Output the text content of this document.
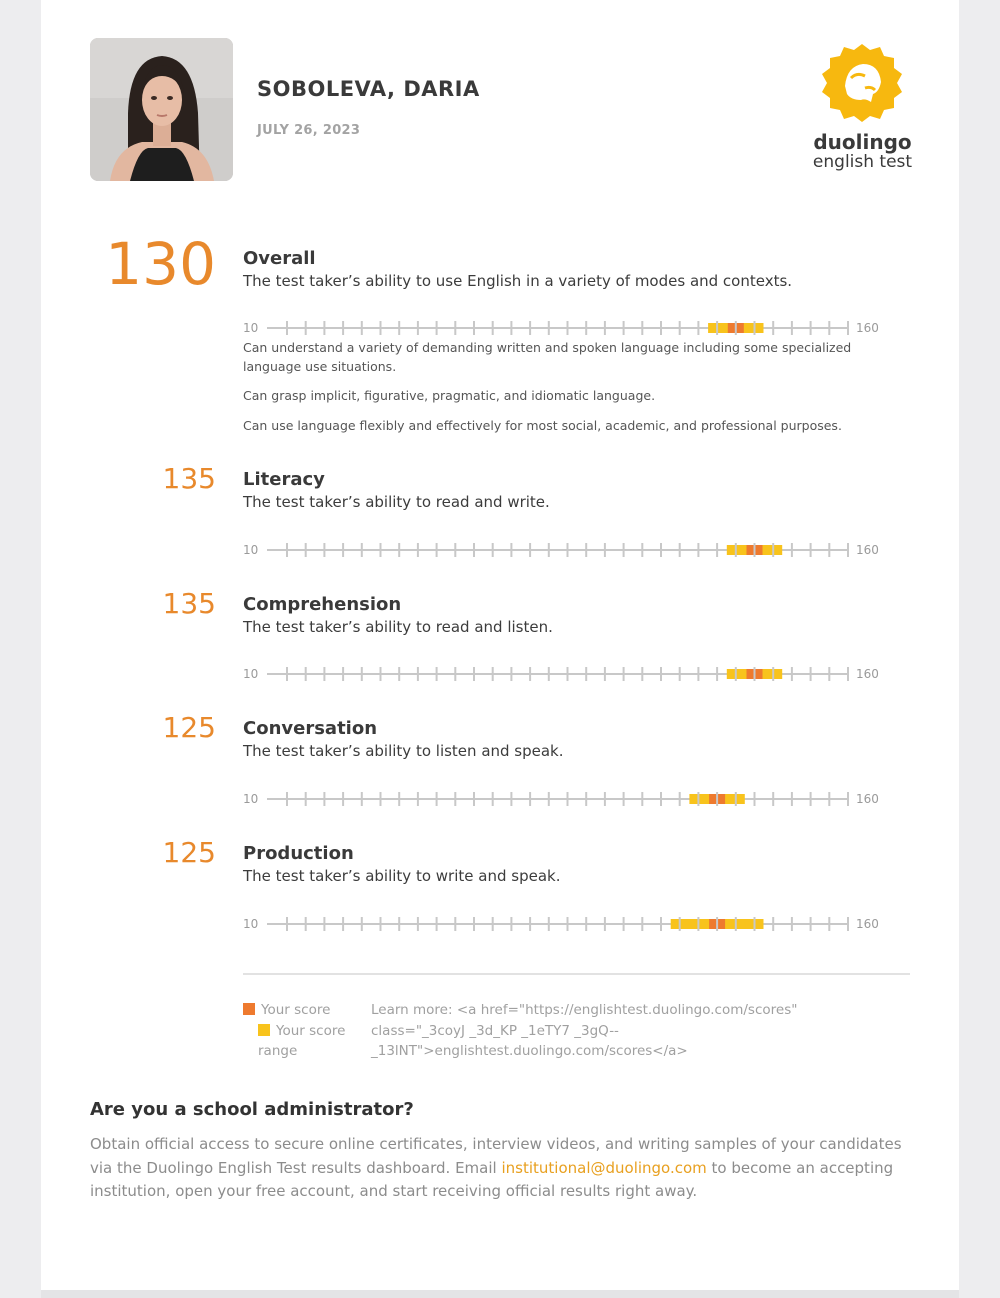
SOBOLEVA, DARIA
JULY 26, 2023	duolingo
english test
130 Overall
The test taker’s ability to use English in a variety of modes and contexts.
10	160
Can understand a variety of demanding written and spoken language including some specialized language use situations.
Can grasp implicit, figurative, pragmatic, and idiomatic language.
Can use language flexibly and effectively for most social, academic, and professional purposes.
135 Literacy
The test taker’s ability to read and write.
10	160
135 Comprehension
The test taker’s ability to read and listen.
10	160
125 Conversation
The test taker’s ability to listen and speak.
10	160
125 Production
The test taker’s ability to write and speak.
10	160
Your score
Your score range
Learn more: <a href="https://englishtest.duolingo.com/scores" class="_3coyJ _3d_KP _1eTY7 _3gQ--_13lNT">englishtest.duolingo.com/scores</a>
Are you a school administrator?
Obtain official access to secure online certificates, interview videos, and writing samples of your candidates via the Duolingo English Test results dashboard. Email institutional@duolingo.com to become an accepting institution, open your free account, and start receiving official results right away.
